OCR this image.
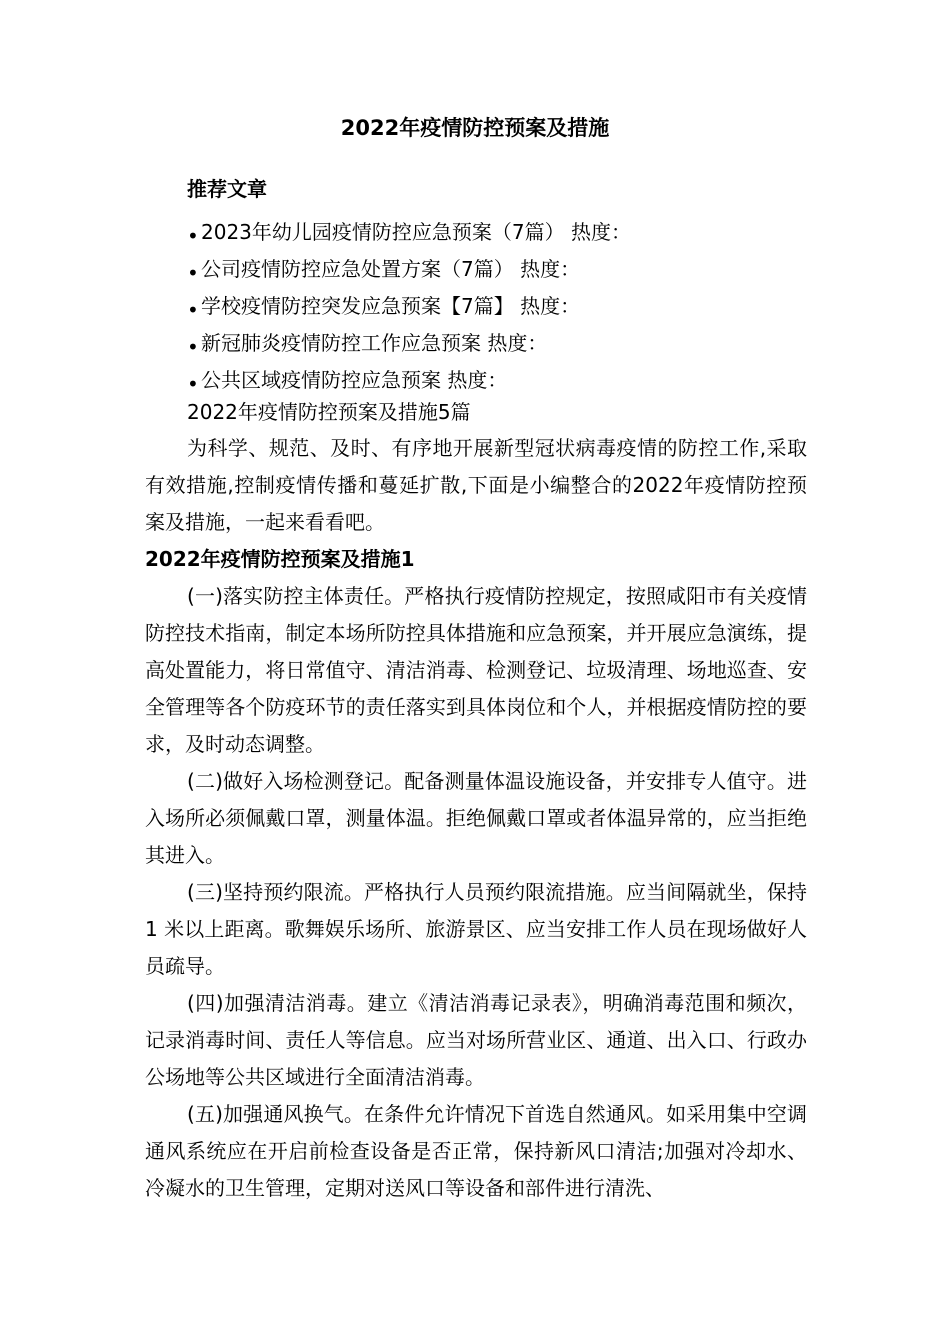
2022年疫情防控预案及措施
推荐文章
• 2023年幼儿园疫情防控应急预案（7篇） 热度：
• 公司疫情防控应急处置方案（7篇） 热度：
• 学校疫情防控突发应急预案【7篇】 热度：
• 新冠肺炎疫情防控工作应急预案 热度：
• 公共区域疫情防控应急预案 热度：
2022年疫情防控预案及措施5篇

为科学、规范、及时、有序地开展新型冠状病毒疫情的防控工作,采取有效措施,控制疫情传播和蔓延扩散,下面是小编整合的2022年疫情防控预案及措施，一起来看看吧。

2022年疫情防控预案及措施1

(一)落实防控主体责任。严格执行疫情防控规定，按照咸阳市有关疫情防控技术指南，制定本场所防控具体措施和应急预案，并开展应急演练，提高处置能力，将日常值守、清洁消毒、检测登记、垃圾清理、场地巡查、安全管理等各个防疫环节的责任落实到具体岗位和个人，并根据疫情防控的要求，及时动态调整。

(二)做好入场检测登记。配备测量体温设施设备，并安排专人值守。进入场所必须佩戴口罩，测量体温。拒绝佩戴口罩或者体温异常的，应当拒绝其进入。

(三)坚持预约限流。严格执行人员预约限流措施。应当间隔就坐，保持 1 米以上距离。歌舞娱乐场所、旅游景区、应当安排工作人员在现场做好人员疏导。

(四)加强清洁消毒。建立《清洁消毒记录表》，明确消毒范围和频次，记录消毒时间、责任人等信息。应当对场所营业区、通道、出入口、行政办公场地等公共区域进行全面清洁消毒。

(五)加强通风换气。在条件允许情况下首选自然通风。如采用集中空调通风系统应在开启前检查设备是否正常，保持新风口清洁;加强对冷却水、冷凝水的卫生管理，定期对送风口等设备和部件进行清洗、
